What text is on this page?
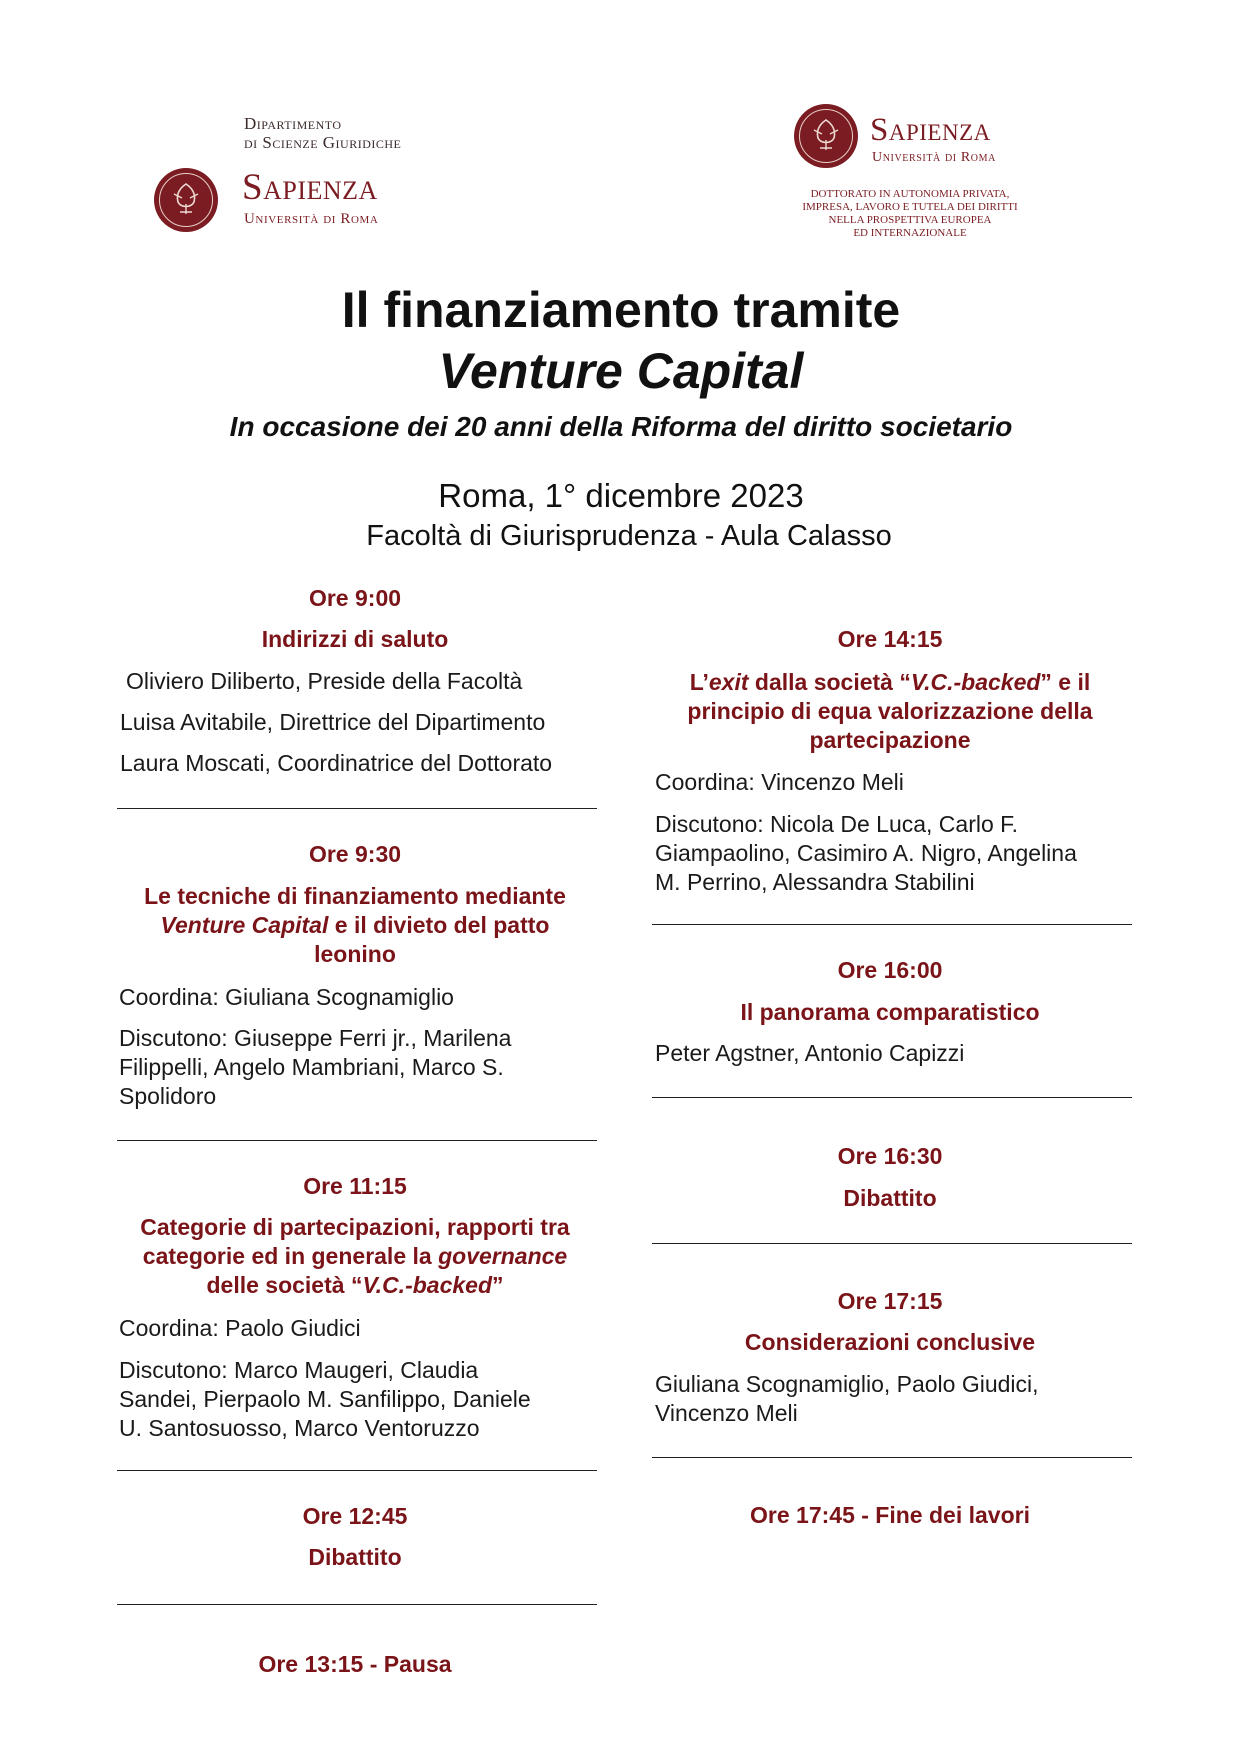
Dipartimento
di Scienze Giuridiche
Sapienza
Università di Roma
Sapienza
Università di Roma
DOTTORATO IN AUTONOMIA PRIVATA,
IMPRESA, LAVORO E TUTELA DEI DIRITTI
NELLA PROSPETTIVA EUROPEA
ED INTERNAZIONALE
Il finanziamento tramite
Venture Capital
In occasione dei 20 anni della Riforma del diritto societario
Roma, 1° dicembre 2023
Facoltà di Giurisprudenza - Aula Calasso
Ore 9:00
Indirizzi di saluto
Oliviero Diliberto, Preside della Facoltà
Luisa Avitabile, Direttrice del Dipartimento
Laura Moscati, Coordinatrice del Dottorato
Ore 9:30
Le tecniche di finanziamento mediante
Venture Capital e il divieto del patto
leonino
Coordina: Giuliana Scognamiglio
Discutono: Giuseppe Ferri jr., Marilena
Filippelli, Angelo Mambriani, Marco S.
Spolidoro
Ore 11:15
Categorie di partecipazioni, rapporti tra
categorie ed in generale la governance
delle società “V.C.-backed”
Coordina: Paolo Giudici
Discutono: Marco Maugeri, Claudia
Sandei, Pierpaolo M. Sanfilippo, Daniele
U. Santosuosso, Marco Ventoruzzo
Ore 12:45
Dibattito
Ore 13:15 - Pausa
Ore 14:15
L’exit dalla società “V.C.-backed” e il
principio di equa valorizzazione della
partecipazione
Coordina: Vincenzo Meli
Discutono: Nicola De Luca, Carlo F.
Giampaolino, Casimiro A. Nigro, Angelina
M. Perrino, Alessandra Stabilini
Ore 16:00
Il panorama comparatistico
Peter Agstner, Antonio Capizzi
Ore 16:30
Dibattito
Ore 17:15
Considerazioni conclusive
Giuliana Scognamiglio, Paolo Giudici,
Vincenzo Meli
Ore 17:45 - Fine dei lavori
